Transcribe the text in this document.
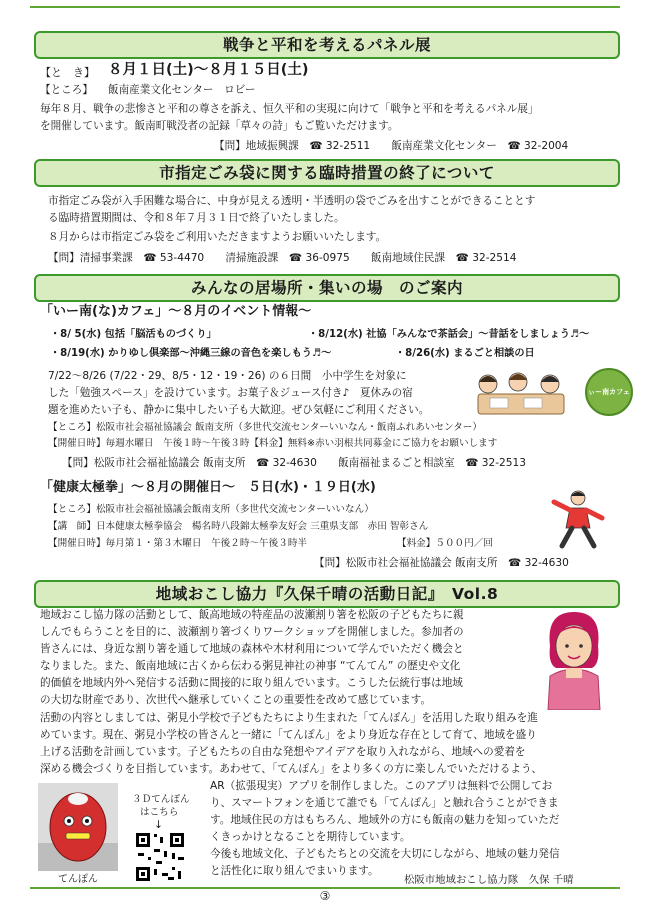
戦争と平和を考えるパネル展
【と　き】 ８月１日(土)～８月１５日(土)
【ところ】 飯南産業文化センター　ロビー
毎年８月、戦争の悲惨さと平和の尊さを訴え、恒久平和の実現に向けて「戦争と平和を考えるパネル展」
を開催しています。飯南町戦没者の記録「草々の詩」もご覧いただけます。
【問】地域振興課　☎ 32-2511　　飯南産業文化センター　☎ 32-2004
市指定ごみ袋に関する臨時措置の終了について
市指定ごみ袋が入手困難な場合に、中身が見える透明・半透明の袋でごみを出すことができることとす
る臨時措置期間は、令和８年７月３１日で終了いたしました。
８月からは市指定ごみ袋をご利用いただきますようお願いいたします。
【問】清掃事業課　☎ 53-4470　　清掃施設課　☎ 36-0975　　飯南地域住民課　☎ 32-2514
みんなの居場所・集いの場　のご案内
「いー南(な)カフェ」～８月のイベント情報～
・8/ 5(水) 包括「脳活ものづくり」	・8/12(水) 社協「みんなで茶話会」～昔話をしましょう♬～
・8/19(水) かりゆし倶楽部～沖縄三線の音色を楽しもう♬～	・8/26(水) まるごと相談の日
7/22～8/26 (7/22・29、8/5・12・19・26) の６日間　小中学生を対象に
した「勉強スペース」を設けています。お菓子＆ジュース付き♪　夏休みの宿
題を進めたい子も、静かに集中したい子も大歓迎。ぜひ気軽にご利用ください。
ぃー南カフェ
【ところ】松阪市社会福祉協議会 飯南支所（多世代交流センターいいなん・飯南ふれあいセンター）
【開催日時】毎週水曜日　午後１時～午後３時【料金】無料※赤い羽根共同募金にご協力をお願いします
【問】松阪市社会福祉協議会 飯南支所　☎ 32-4630　　飯南福祉まるごと相談室　☎ 32-2513
「健康太極拳」～８月の開催日～　５日(水)・１９日(水)
【ところ】松阪市社会福祉協議会飯南支所（多世代交流センターいいなん）
【講　師】日本健康太極拳協会　楊名時八段錦太極拳友好会 三重県支部　赤田 智彰さん
【開催日時】毎月第１・第３木曜日　午後２時～午後３時半	【料金】５００円／回
【問】松阪市社会福祉協議会 飯南支所　☎ 32-4630
地域おこし協力『久保千晴の活動日記』　Vol.8
地域おこし協力隊の活動として、飯高地域の特産品の波瀬割り箸を松阪の子どもたちに親
しんでもらうことを目的に、波瀬割り箸づくりワークショップを開催しました。参加者の
皆さんには、身近な割り箸を通して地域の森林や木材利用について学んでいただく機会と
なりました。また、飯南地域に古くから伝わる粥見神社の神事 “てんてん” の歴史や文化
的価値を地域内外へ発信する活動に間接的に取り組んでいます。こうした伝統行事は地域
の大切な財産であり、次世代へ継承していくことの重要性を改めて感じています。
活動の内容としましては、粥見小学校で子どもたちにより生まれた「てんぽん」を活用した取り組みを進
めています。現在、粥見小学校の皆さんと一緒に「てんぽん」をより身近な存在として育て、地域を盛り
上げる活動を計画しています。子どもたちの自由な発想やアイデアを取り入れながら、地域への愛着を
深める機会づくりを目指しています。あわせて、「てんぽん」をより多くの方に楽しんでいただけるよう、
てんぽん
３Ｄてんぽん
はこちら
↓
AR（拡張現実）アプリを制作しました。このアプリは無料で公開してお
り、スマートフォンを通じて誰でも「てんぽん」と触れ合うことができま
す。地域住民の方はもちろん、地域外の方にも飯南の魅力を知っていただ
くきっかけとなることを期待しています。
今後も地域文化、子どもたちとの交流を大切にしながら、地域の魅力発信
と活性化に取り組んでまいります。
松阪市地域おこし協力隊　久保 千晴
③
